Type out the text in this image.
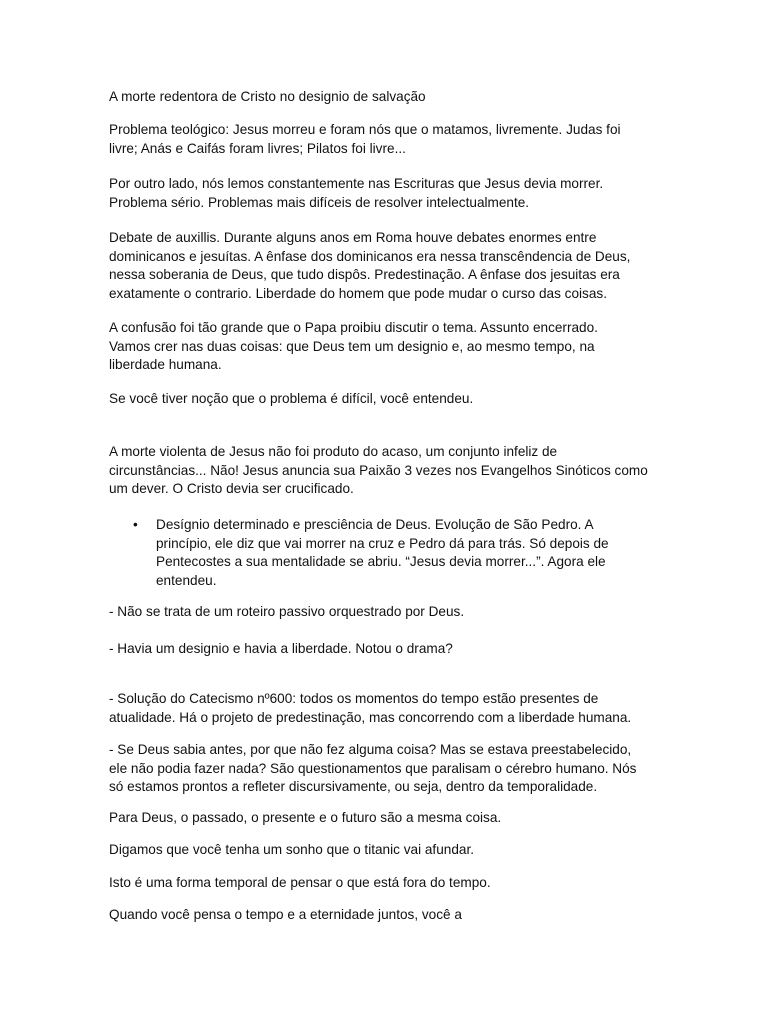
A morte redentora de Cristo no designio de salvação

Problema teológico: Jesus morreu e foram nós que o matamos, livremente. Judas foi

livre; Anás e Caifás foram livres; Pilatos foi livre...

Por outro lado, nós lemos constantemente nas Escrituras que Jesus devia morrer.

Problema sério. Problemas mais difíceis de resolver intelectualmente.

Debate de auxillis. Durante alguns anos em Roma houve debates enormes entre

dominicanos e jesuítas. A ênfase dos dominicanos era nessa transcêndencia de Deus,

nessa soberania de Deus, que tudo dispôs. Predestinação. A ênfase dos jesuitas era

exatamente o contrario. Liberdade do homem que pode mudar o curso das coisas.

A confusão foi tão grande que o Papa proibiu discutir o tema. Assunto encerrado.

Vamos crer nas duas coisas: que Deus tem um designio e, ao mesmo tempo, na

liberdade humana.

Se você tiver noção que o problema é difícil, você entendeu.

A morte violenta de Jesus não foi produto do acaso, um conjunto infeliz de

circunstâncias... Não! Jesus anuncia sua Paixão 3 vezes nos Evangelhos Sinóticos como

um dever. O Cristo devia ser crucificado.

• Desígnio determinado e presciência de Deus. Evolução de São Pedro. A

princípio, ele diz que vai morrer na cruz e Pedro dá para trás. Só depois de

Pentecostes a sua mentalidade se abriu. “Jesus devia morrer...”. Agora ele

entendeu.

- Não se trata de um roteiro passivo orquestrado por Deus.

- Havia um designio e havia a liberdade. Notou o drama?

- Solução do Catecismo nº600: todos os momentos do tempo estão presentes de

atualidade. Há o projeto de predestinação, mas concorrendo com a liberdade humana.

- Se Deus sabia antes, por que não fez alguma coisa? Mas se estava preestabelecido,

ele não podia fazer nada? São questionamentos que paralisam o cérebro humano. Nós

só estamos prontos a refleter discursivamente, ou seja, dentro da temporalidade.

Para Deus, o passado, o presente e o futuro são a mesma coisa.

Digamos que você tenha um sonho que o titanic vai afundar.

Isto é uma forma temporal de pensar o que está fora do tempo.

Quando você pensa o tempo e a eternidade juntos, você a
